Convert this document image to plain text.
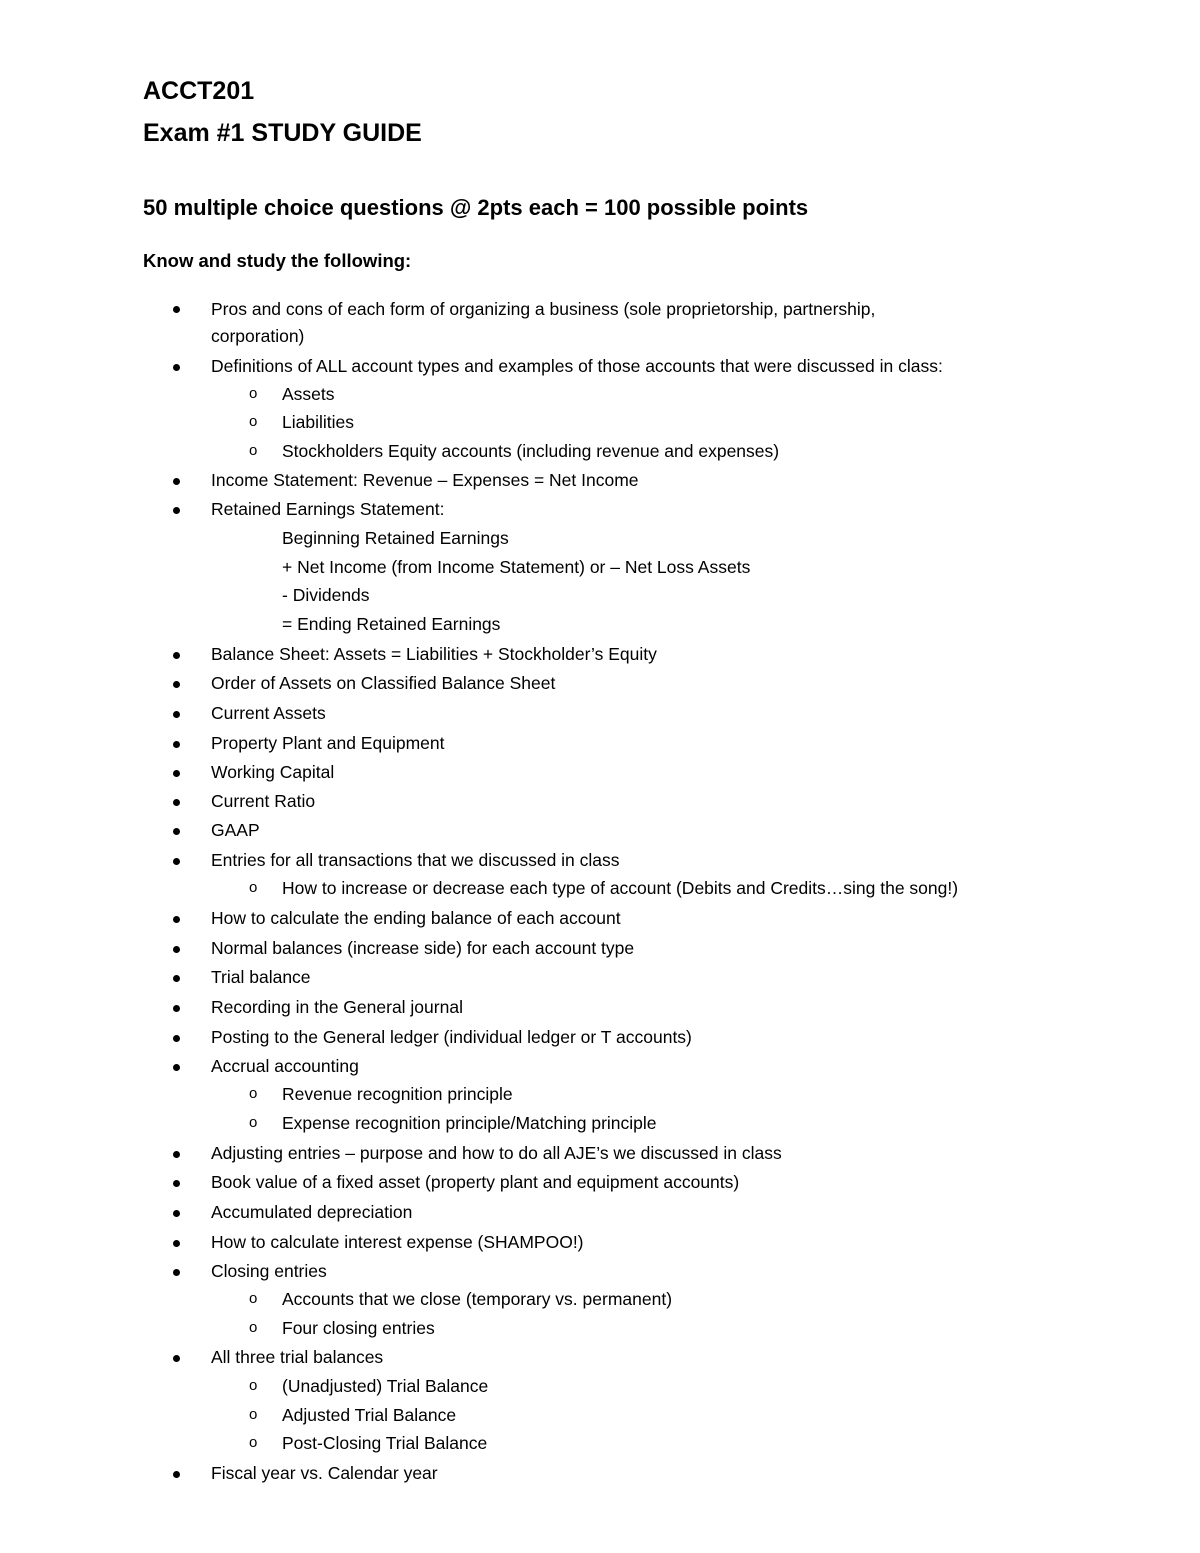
ACCT201
Exam #1 STUDY GUIDE
50 multiple choice questions @ 2pts each = 100 possible points
Know and study the following:

Pros and cons of each form of organizing a business (sole proprietorship, partnership,

corporation)

Definitions of ALL account types and examples of those accounts that were discussed in class:

o Assets

o Liabilities

o Stockholders Equity accounts (including revenue and expenses)

Income Statement: Revenue – Expenses = Net Income

Retained Earnings Statement:

Beginning Retained Earnings

+ Net Income (from Income Statement) or – Net Loss Assets

- Dividends

= Ending Retained Earnings

Balance Sheet: Assets = Liabilities + Stockholder’s Equity

Order of Assets on Classified Balance Sheet

Current Assets

Property Plant and Equipment

Working Capital

Current Ratio

GAAP

Entries for all transactions that we discussed in class

o How to increase or decrease each type of account (Debits and Credits…sing the song!)

How to calculate the ending balance of each account

Normal balances (increase side) for each account type

Trial balance

Recording in the General journal

Posting to the General ledger (individual ledger or T accounts)

Accrual accounting

o Revenue recognition principle

o Expense recognition principle/Matching principle

Adjusting entries – purpose and how to do all AJE’s we discussed in class

Book value of a fixed asset (property plant and equipment accounts)

Accumulated depreciation

How to calculate interest expense (SHAMPOO!)

Closing entries

o Accounts that we close (temporary vs. permanent)

o Four closing entries

All three trial balances

o (Unadjusted) Trial Balance

o Adjusted Trial Balance

o Post-Closing Trial Balance

Fiscal year vs. Calendar year
